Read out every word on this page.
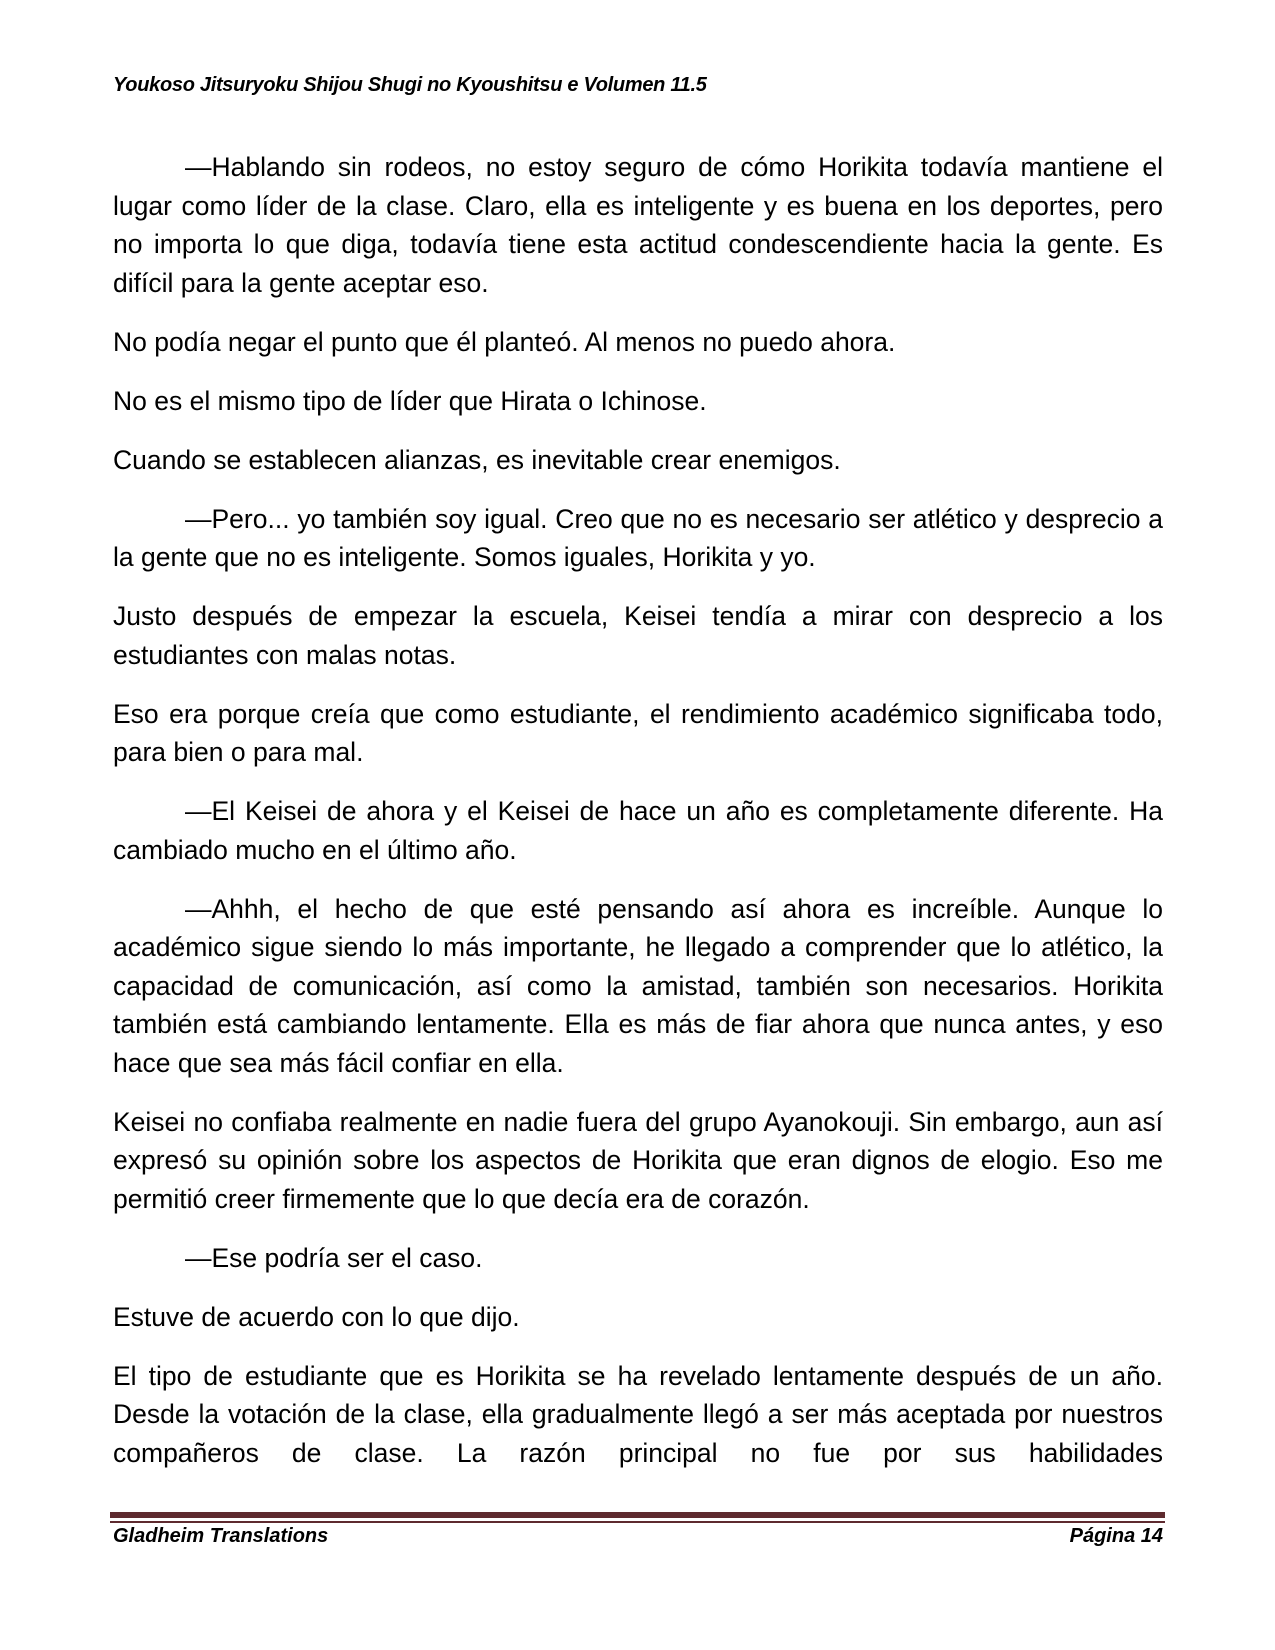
Youkoso Jitsuryoku Shijou Shugi no Kyoushitsu e Volumen 11.5

—Hablando sin rodeos, no estoy seguro de cómo Horikita todavía mantiene el lugar como líder de la clase. Claro, ella es inteligente y es buena en los deportes, pero no importa lo que diga, todavía tiene esta actitud condescendiente hacia la gente. Es difícil para la gente aceptar eso.

No podía negar el punto que él planteó. Al menos no puedo ahora.

No es el mismo tipo de líder que Hirata o Ichinose.

Cuando se establecen alianzas, es inevitable crear enemigos.

—Pero... yo también soy igual. Creo que no es necesario ser atlético y desprecio a la gente que no es inteligente. Somos iguales, Horikita y yo.

Justo después de empezar la escuela, Keisei tendía a mirar con desprecio a los estudiantes con malas notas.

Eso era porque creía que como estudiante, el rendimiento académico significaba todo, para bien o para mal.

—El Keisei de ahora y el Keisei de hace un año es completamente diferente. Ha cambiado mucho en el último año.

—Ahhh, el hecho de que esté pensando así ahora es increíble. Aunque lo académico sigue siendo lo más importante, he llegado a comprender que lo atlético, la capacidad de comunicación, así como la amistad, también son necesarios. Horikita también está cambiando lentamente. Ella es más de fiar ahora que nunca antes, y eso hace que sea más fácil confiar en ella.

Keisei no confiaba realmente en nadie fuera del grupo Ayanokouji. Sin embargo, aun así expresó su opinión sobre los aspectos de Horikita que eran dignos de elogio. Eso me permitió creer firmemente que lo que decía era de corazón.

—Ese podría ser el caso.

Estuve de acuerdo con lo que dijo.

El tipo de estudiante que es Horikita se ha revelado lentamente después de un año. Desde la votación de la clase, ella gradualmente llegó a ser más aceptada por nuestros compañeros de clase. La razón principal no fue por sus habilidades

Gladheim Translations	Página 14
